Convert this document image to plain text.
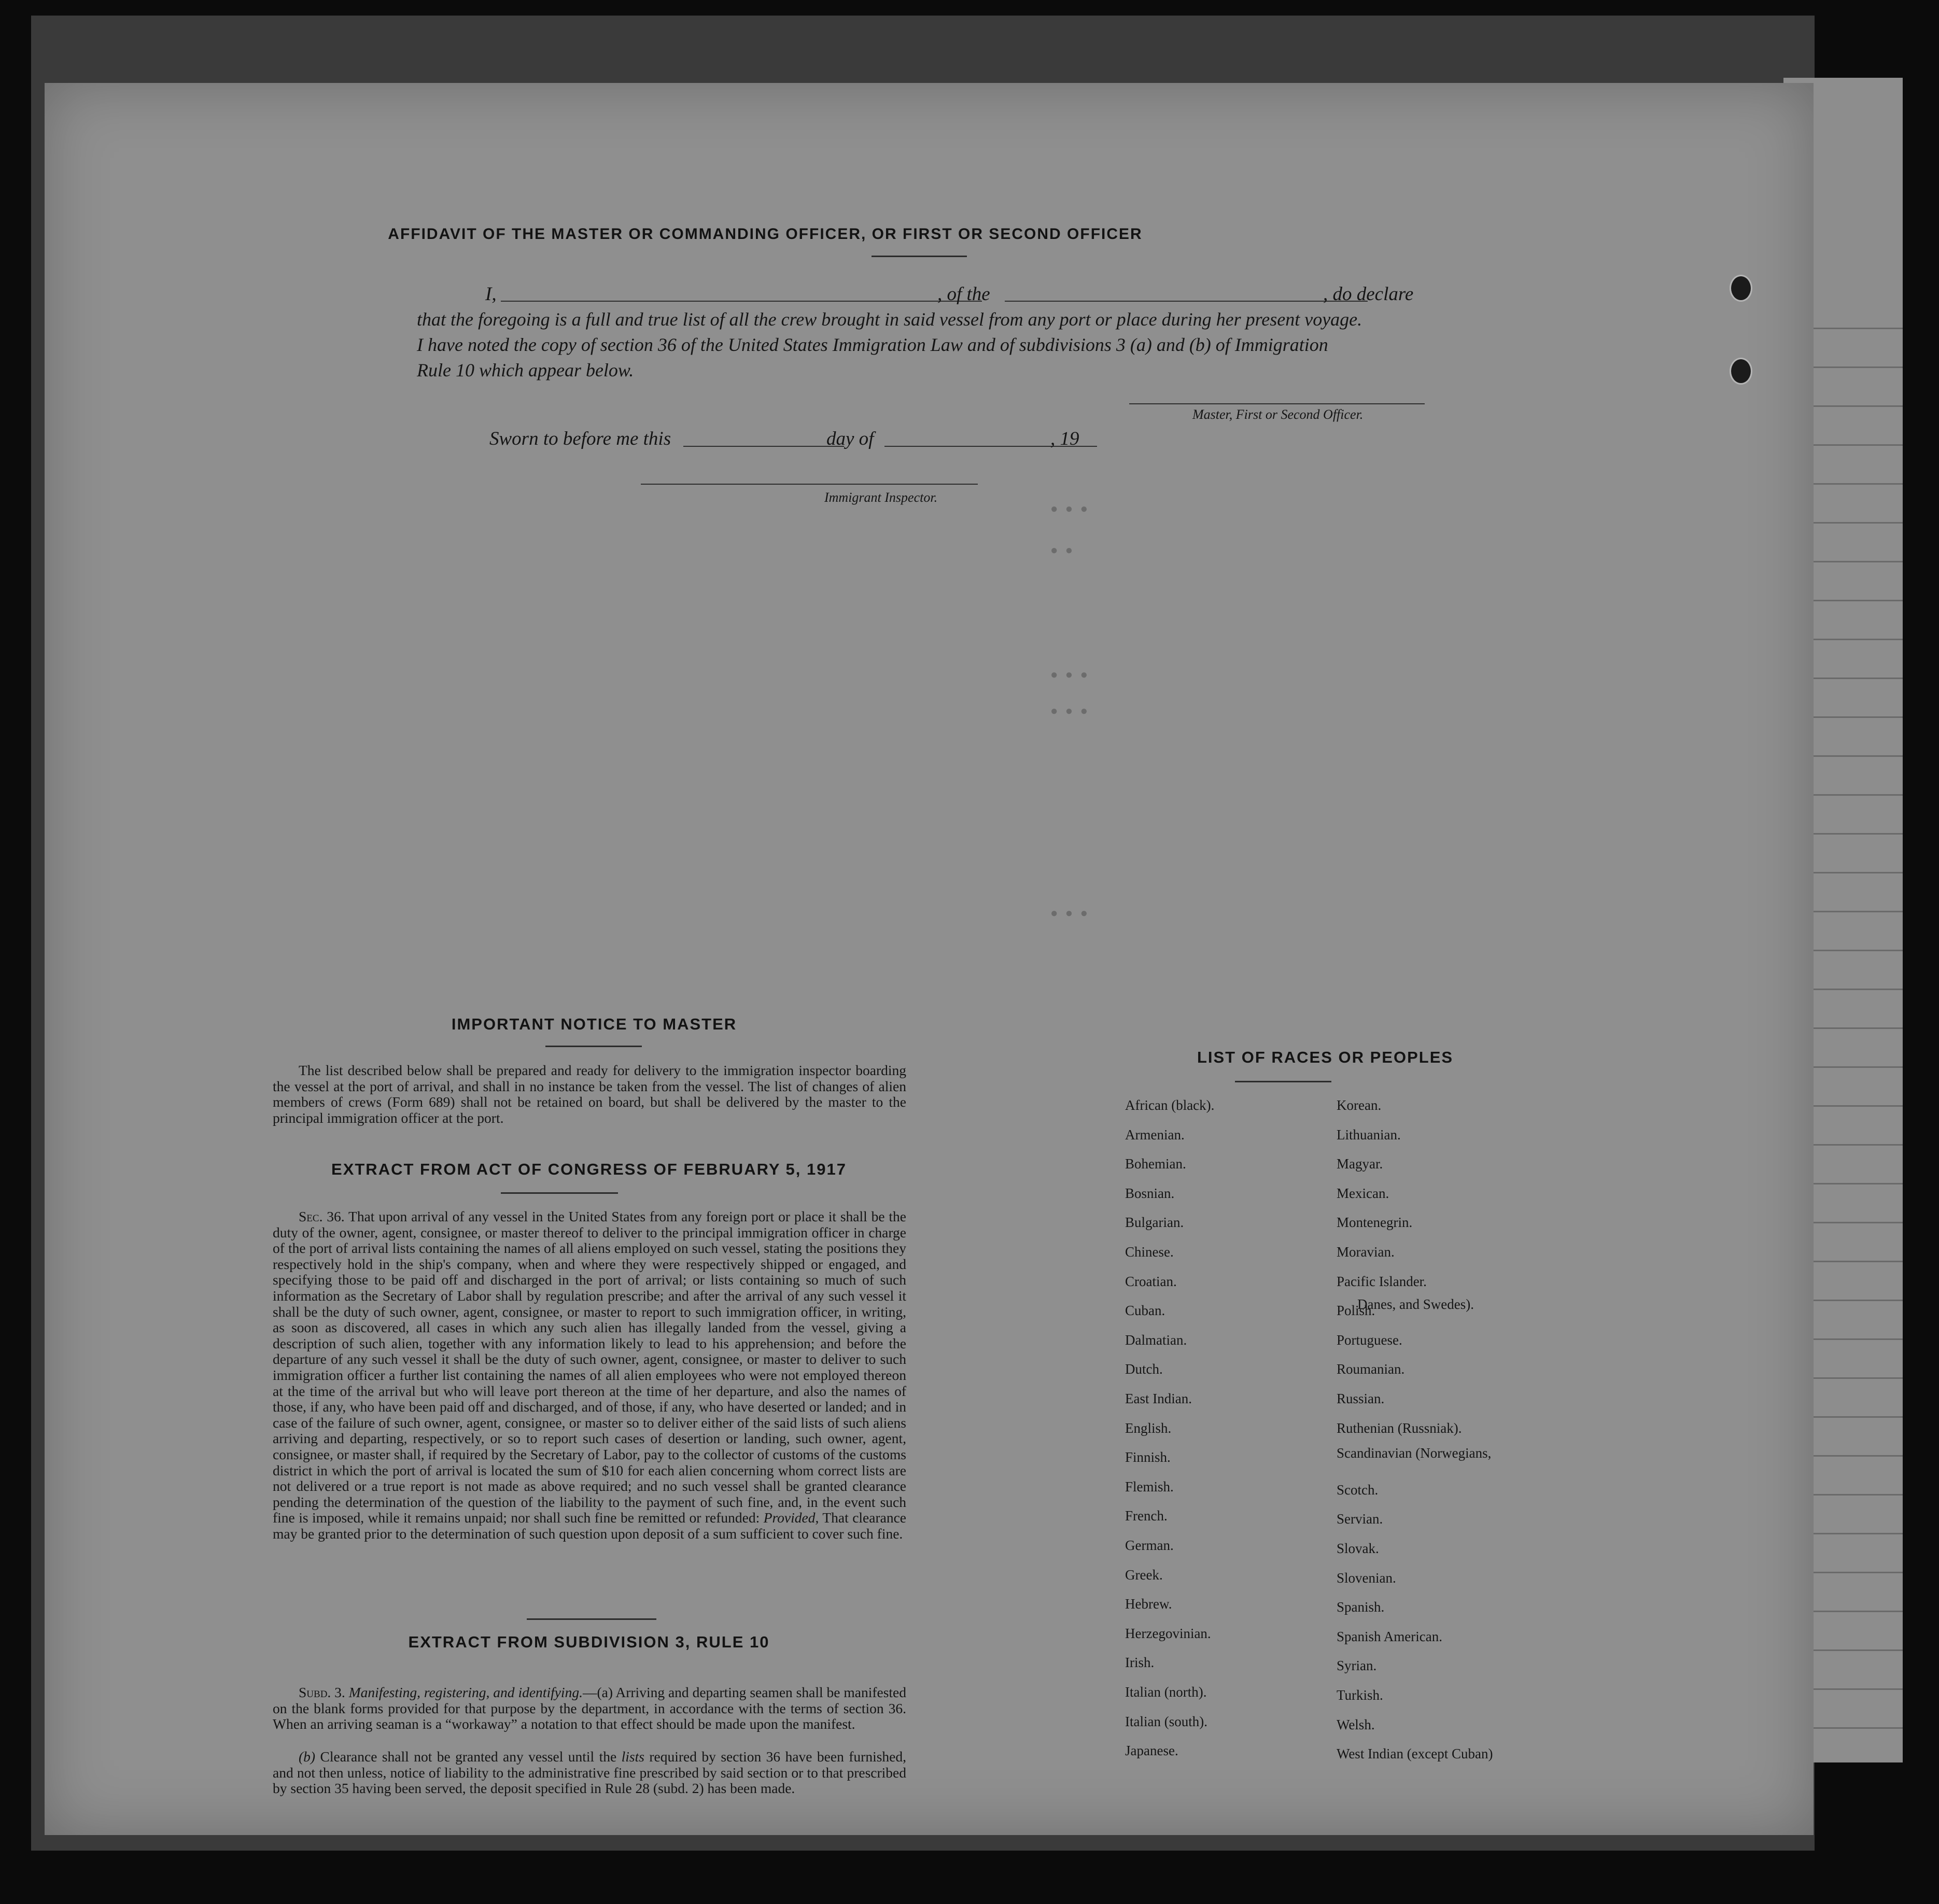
● ● ●
● ●
● ● ●
● ● ●
● ● ●
AFFIDAVIT OF THE MASTER OR COMMANDING OFFICER, OR FIRST OR SECOND OFFICER
I,	, of the	, do declare
that the foregoing is a full and true list of all the crew brought in said vessel from any port or place during her present voyage.
I have noted the copy of section 36 of the United States Immigration Law and of subdivisions 3 (a) and (b) of Immigration
Rule 10 which appear below.
Master, First or Second Officer.
Sworn to before me this	day of	, 19
Immigrant Inspector.
IMPORTANT NOTICE TO MASTER
The list described below shall be prepared and ready for delivery to the immigration inspector boarding the vessel at the port of arrival, and shall in no instance be taken from the vessel. The list of changes of alien members of crews (Form 689) shall not be retained on board, but shall be delivered by the master to the principal immigration officer at the port.
EXTRACT FROM ACT OF CONGRESS OF FEBRUARY 5, 1917
Sec. 36. That upon arrival of any vessel in the United States from any foreign port or place it shall be the duty of the owner, agent, consignee, or master thereof to deliver to the principal immigration officer in charge of the port of arrival lists containing the names of all aliens employed on such vessel, stating the positions they respectively hold in the ship's company, when and where they were respectively shipped or engaged, and specifying those to be paid off and discharged in the port of arrival; or lists containing so much of such information as the Secretary of Labor shall by regulation prescribe; and after the arrival of any such vessel it shall be the duty of such owner, agent, consignee, or master to report to such immigration officer, in writing, as soon as discovered, all cases in which any such alien has illegally landed from the vessel, giving a description of such alien, together with any information likely to lead to his apprehension; and before the departure of any such vessel it shall be the duty of such owner, agent, consignee, or master to deliver to such immigration officer a further list containing the names of all alien employees who were not employed thereon at the time of the arrival but who will leave port thereon at the time of her departure, and also the names of those, if any, who have been paid off and discharged, and of those, if any, who have deserted or landed; and in case of the failure of such owner, agent, consignee, or master so to deliver either of the said lists of such aliens arriving and departing, respectively, or so to report such cases of desertion or landing, such owner, agent, consignee, or master shall, if required by the Secretary of Labor, pay to the collector of customs of the customs district in which the port of arrival is located the sum of $10 for each alien concerning whom correct lists are not delivered or a true report is not made as above required; and no such vessel shall be granted clearance pending the determination of the question of the liability to the payment of such fine, and, in the event such fine is imposed, while it remains unpaid; nor shall such fine be remitted or refunded: Provided, That clearance may be granted prior to the determination of such question upon deposit of a sum sufficient to cover such fine.
EXTRACT FROM SUBDIVISION 3, RULE 10
Subd. 3. Manifesting, registering, and identifying.—(a) Arriving and departing seamen shall be manifested on the blank forms provided for that purpose by the department, in accordance with the terms of section 36. When an arriving seaman is a “workaway” a notation to that effect should be made upon the manifest.
(b) Clearance shall not be granted any vessel until the lists required by section 36 have been furnished, and not then unless, notice of liability to the administrative fine prescribed by said section or to that prescribed by section 35 having been served, the deposit specified in Rule 28 (subd. 2) has been made.
LIST OF RACES OR PEOPLES
African (black).
Armenian.
Bohemian.
Bosnian.
Bulgarian.
Chinese.
Croatian.
Cuban.
Dalmatian.
Dutch.
East Indian.
English.
Finnish.
Flemish.
French.
German.
Greek.
Hebrew.
Herzegovinian.
Irish.
Italian (north).
Italian (south).
Japanese.
Korean.
Lithuanian.
Magyar.
Mexican.
Montenegrin.
Moravian.
Pacific Islander.
Polish.
Portuguese.
Roumanian.
Russian.
Ruthenian (Russniak).
Scandinavian (Norwegians,
Scotch.
Servian.
Slovak.
Slovenian.
Spanish.
Spanish American.
Syrian.
Turkish.
Welsh.
West Indian (except Cuban)
Danes, and Swedes).
